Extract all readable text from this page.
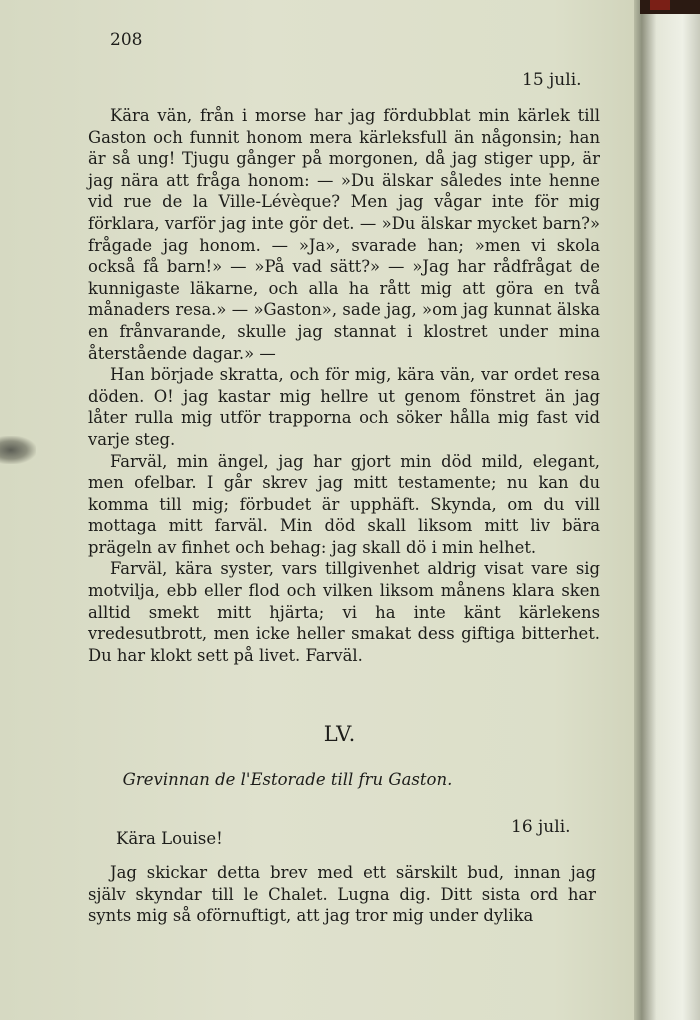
208
15 juli.

Kära vän, från i morse har jag fördubblat min kärlek till Gaston och funnit honom mera kärleksfull än någonsin; han är så ung! Tjugu gånger på morgonen, då jag stiger upp, är jag nära att fråga honom: — »Du älskar således inte henne vid rue de la Ville-Lévèque? Men jag vågar inte för mig förklara, varför jag inte gör det. — »Du älskar mycket barn?» frågade jag honom. — »Ja», svarade han; »men vi skola också få barn!» — »På vad sätt?» — »Jag har rådfrågat de kunnigaste läkarne, och alla ha rått mig att göra en två månaders resa.» — »Gaston», sade jag, »om jag kunnat älska en frånvarande, skulle jag stannat i klostret under mina återstående dagar.» —

Han började skratta, och för mig, kära vän, var ordet resa döden. O! jag kastar mig hellre ut genom fönstret än jag låter rulla mig utför trapporna och söker hålla mig fast vid varje steg.

Farväl, min ängel, jag har gjort min död mild, elegant, men ofelbar. I går skrev jag mitt testamente; nu kan du komma till mig; förbudet är upphäft. Skynda, om du vill mottaga mitt farväl. Min död skall liksom mitt liv bära prägeln av finhet och behag: jag skall dö i min helhet.

Farväl, kära syster, vars tillgivenhet aldrig visat vare sig motvilja, ebb eller flod och vilken liksom månens klara sken alltid smekt mitt hjärta; vi ha inte känt kärlekens vredesutbrott, men icke heller smakat dess giftiga bitterhet. Du har klokt sett på livet. Farväl.

LV.
Grevinnan de l'Estorade till fru Gaston.
16 juli.
Kära Louise!

Jag skickar detta brev med ett särskilt bud, innan jag själv skyndar till le Chalet. Lugna dig. Ditt sista ord har synts mig så oförnuftigt, att jag tror mig under dylika
